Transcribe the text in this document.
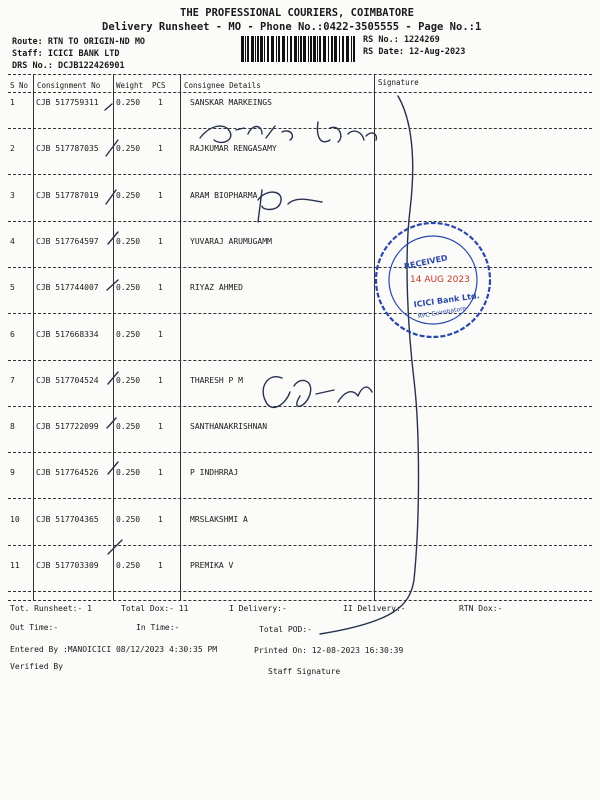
THE PROFESSIONAL COURIERS, COIMBATORE
Delivery Runsheet - MO - Phone No.:0422-3505555 - Page No.:1
Route: RTN TO ORIGIN-ND MO
Staff: ICICI BANK LTD
DRS No.: DCJB122426901
RS No.: 1224269
RS Date: 12-Aug-2023
S No Consignment No Weight PCS Consignee Details	Signature
1	CJB 517759311 0.250 1	SANSKAR MARKEINGS
2	CJB 517787035 0.250 1	RAJKUMAR RENGASAMY
3	CJB 517787019 0.250 1	ARAM BIOPHARMA
4	CJB 517764597 0.250 1	YUVARAJ ARUMUGAMM
5	CJB 517744007 0.250 1	RIYAZ AHMED
6	CJB 517668334 0.250 1
7	CJB 517704524 0.250 1	THARESH P M
8	CJB 517722099 0.250 1	SANTHANAKRISHNAN
9	CJB 517764526 0.250 1	P INDHRRAJ
10 CJB 517704365 0.250 1	MRSLAKSHMI A
11 CJB 517703309 0.250 1	PREMIKA V
Tot. Runsheet:- 1	Total Dox:- 11	I Delivery:-	II Delivery:-	RTN Dox:-
Out Time:-	In Time:-	Total POD:-
Entered By :MANOICICI 08/12/2023 4:30:35 PM	Printed On: 12-08-2023 16:30:39
Verified By
Staff Signature
RECEIVED
14 AUG 2023
ICICI Bank Ltd.
RPC Coimbatore
